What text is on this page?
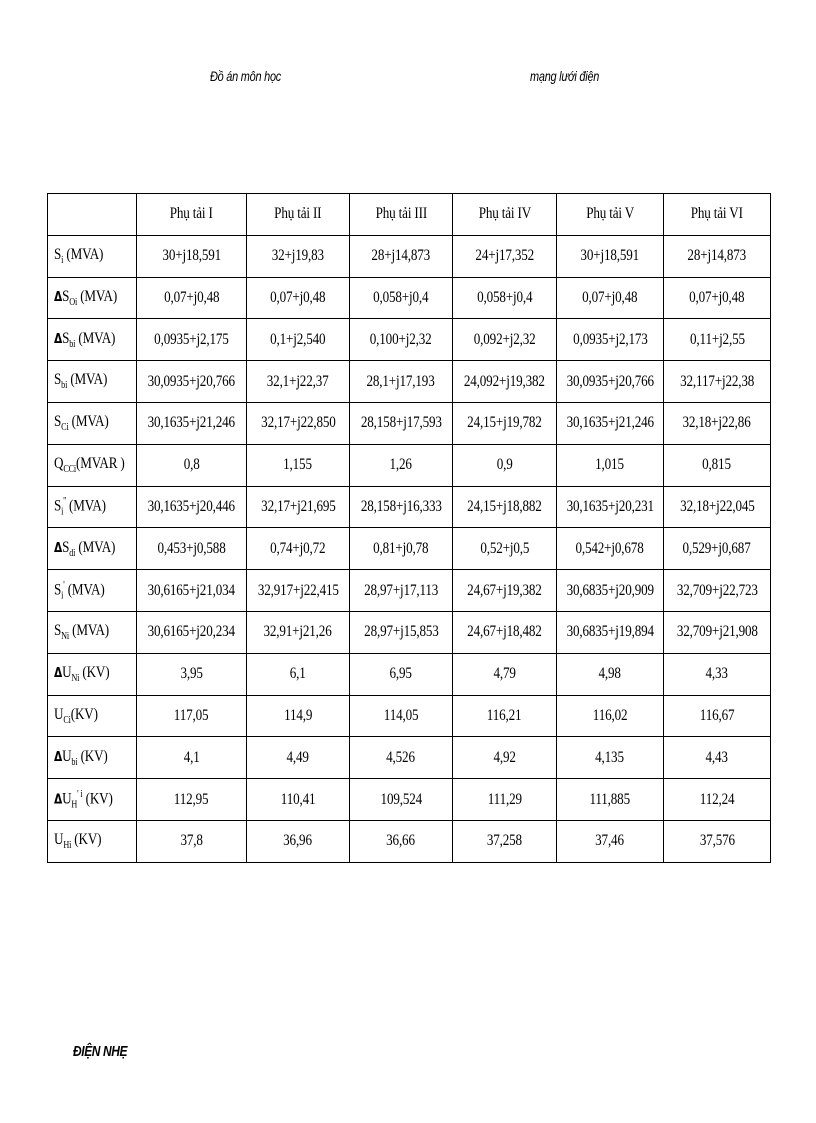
Đồ án môn học	mạng lưới điện
	Phụ tải I	Phụ tải II	Phụ tải III	Phụ tải IV	Phụ tải V	Phụ tải VI
$S_i$ (MVA)	30+j18,591	32+j19,83	28+j14,873	24+j17,352	30+j18,591	28+j14,873
$\Delta S_{Oi}$ (MVA)	0,07+j0,48	0,07+j0,48	0,058+j0,4	0,058+j0,4	0,07+j0,48	0,07+j0,48
$\Delta S_{bi}$ (MVA)	0,0935+j2,175	0,1+j2,540	0,100+j2,32	0,092+j2,32	0,0935+j2,173	0,11+j2,55
$S_{bi}$ (MVA)	30,0935+j20,766	32,1+j22,37	28,1+j17,193	24,092+j19,382	30,0935+j20,766	32,117+j22,38
$S_{Ci}$ (MVA)	30,1635+j21,246	32,17+j22,850	28,158+j17,593	24,15+j19,782	30,1635+j21,246	32,18+j22,86
$Q_{CCi}(MVAR$ )	0,8	1,155	1,26	0,9	1,015	0,815
$S_i''$ (MVA)	30,1635+j20,446	32,17+j21,695	28,158+j16,333	24,15+j18,882	30,1635+j20,231	32,18+j22,045
$\Delta S_{di}$ (MVA)	0,453+j0,588	0,74+j0,72	0,81+j0,78	0,52+j0,5	0,542+j0,678	0,529+j0,687
$S_i'$ (MVA)	30,6165+j21,034	32,917+j22,415	28,97+j17,113	24,67+j19,382	30,6835+j20,909	32,709+j22,723
$S_{Ni}$ (MVA)	30,6165+j20,234	32,91+j21,26	28,97+j15,853	24,67+j18,482	30,6835+j19,894	32,709+j21,908
$\Delta U_{Ni}$ (KV)	3,95	6,1	6,95	4,79	4,98	4,33
$U_{Ci}(KV)$	117,05	114,9	114,05	116,21	116,02	116,67
$\Delta U_{bi}$ (KV)	4,1	4,49	4,526	4,92	4,135	4,43
$\Delta U_H^{' i}$ (KV)	112,95	110,41	109,524	111,29	111,885	112,24
$U_{Hi}$ (KV)	37,8	36,96	36,66	37,258	37,46	37,576
ĐIỆN NHẸ
